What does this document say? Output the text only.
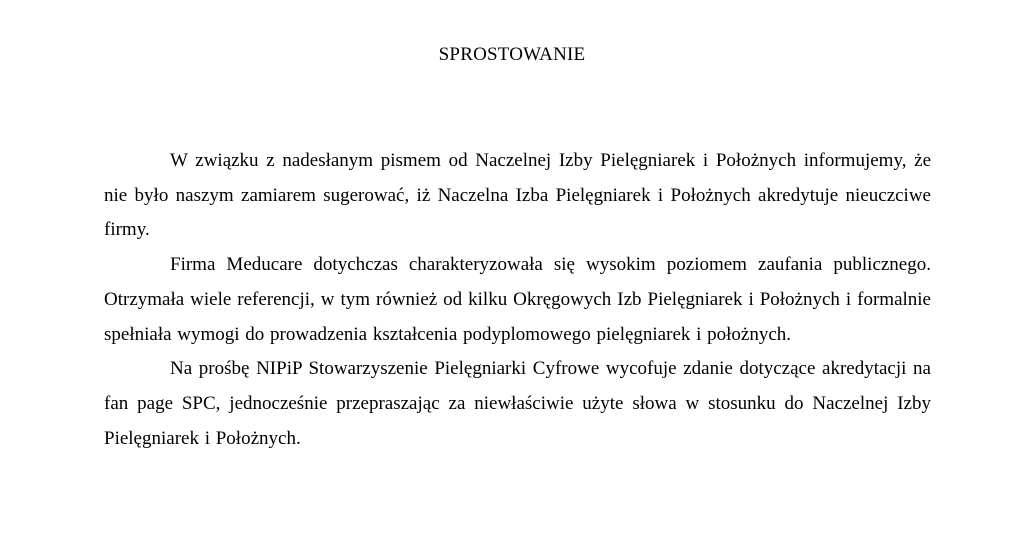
SPROSTOWANIE

W związku z nadesłanym pismem od Naczelnej Izby Pielęgniarek i Położnych informujemy, że nie było naszym zamiarem sugerować, iż Naczelna Izba Pielęgniarek i Położnych akredytuje nieuczciwe firmy.

Firma Meducare dotychczas charakteryzowała się wysokim poziomem zaufania publicznego. Otrzymała wiele referencji, w tym również od kilku Okręgowych Izb Pielęgniarek i Położnych i formalnie spełniała wymogi do prowadzenia kształcenia podyplomowego pielęgniarek i położnych.

Na prośbę NIPiP Stowarzyszenie Pielęgniarki Cyfrowe wycofuje zdanie dotyczące akredytacji na fan page SPC, jednocześnie przepraszając za niewłaściwie użyte słowa w stosunku do Naczelnej Izby Pielęgniarek i Położnych.
